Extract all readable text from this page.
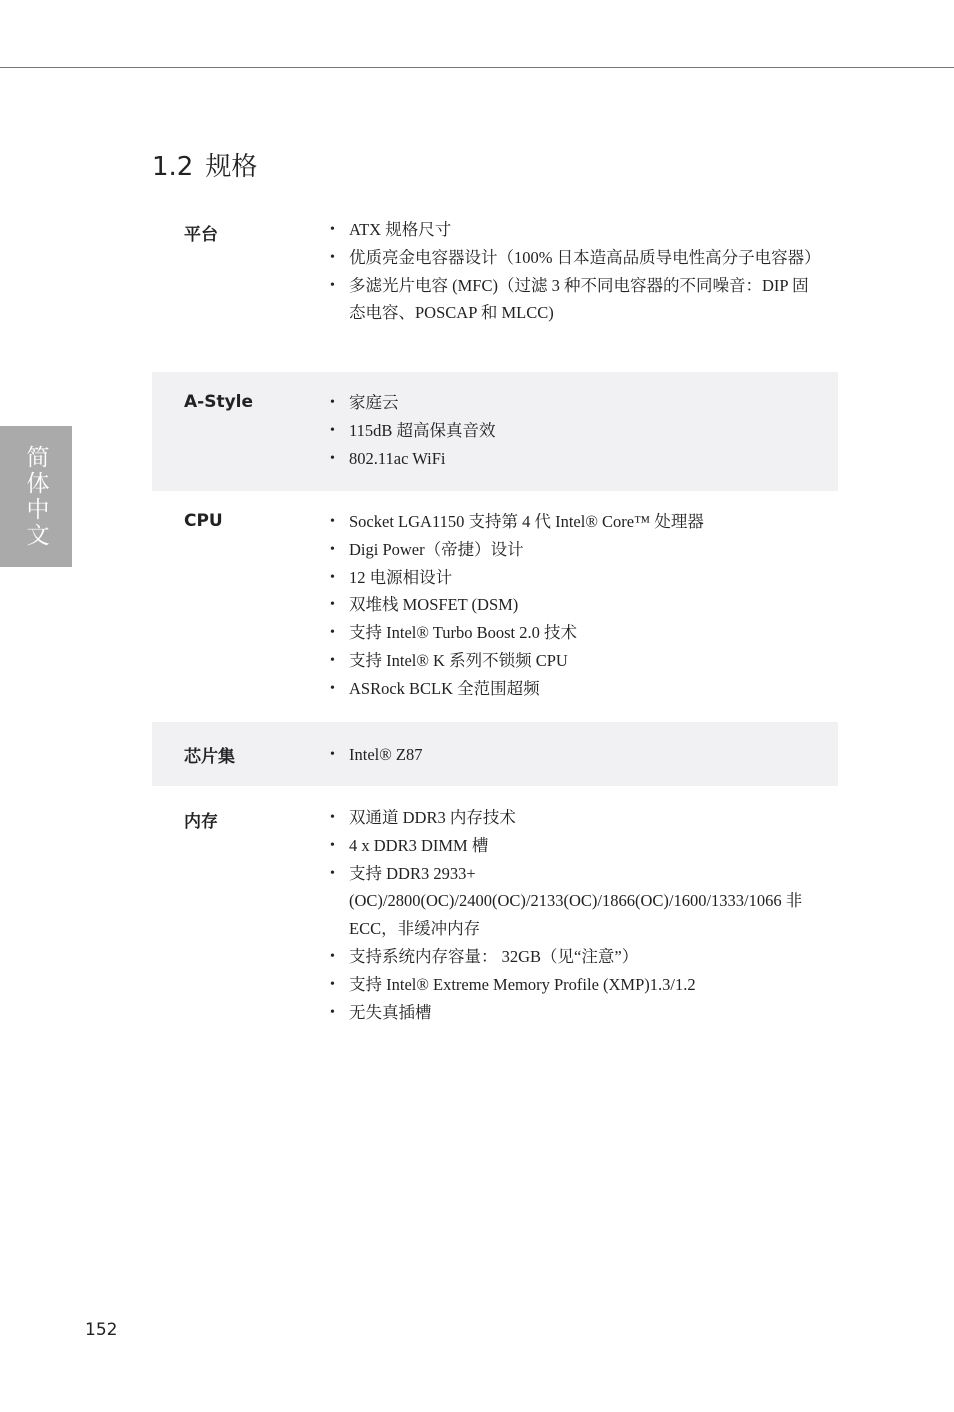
简体中文
1.2 规格
平台	• ATX 规格尺寸
• 优质亮金电容器设计（100% 日本造高品质导电性高分子电容器）
• 多滤光片电容 (MFC)（过滤 3 种不同电容器的不同噪音：DIP 固态电容、POSCAP 和 MLCC)
A-Style	• 家庭云
• 115dB 超高保真音效
• 802.11ac WiFi
CPU	• Socket LGA1150 支持第 4 代 Intel® Core™ 处理器
• Digi Power（帝捷）设计
• 12 电源相设计
• 双堆栈 MOSFET (DSM)
• 支持 Intel® Turbo Boost 2.0 技术
• 支持 Intel® K 系列不锁频 CPU
• ASRock BCLK 全范围超频
芯片集	• Intel® Z87
内存	• 双通道 DDR3 内存技术
• 4 x DDR3 DIMM 槽
• 支持 DDR3 2933+(OC)/2800(OC)/2400(OC)/2133(OC)/1866(OC)/1600/1333/1066 非 ECC，非缓冲内存
• 支持系统内存容量： 32GB（见“注意”）
• 支持 Intel® Extreme Memory Profile (XMP)1.3/1.2
• 无失真插槽
152
